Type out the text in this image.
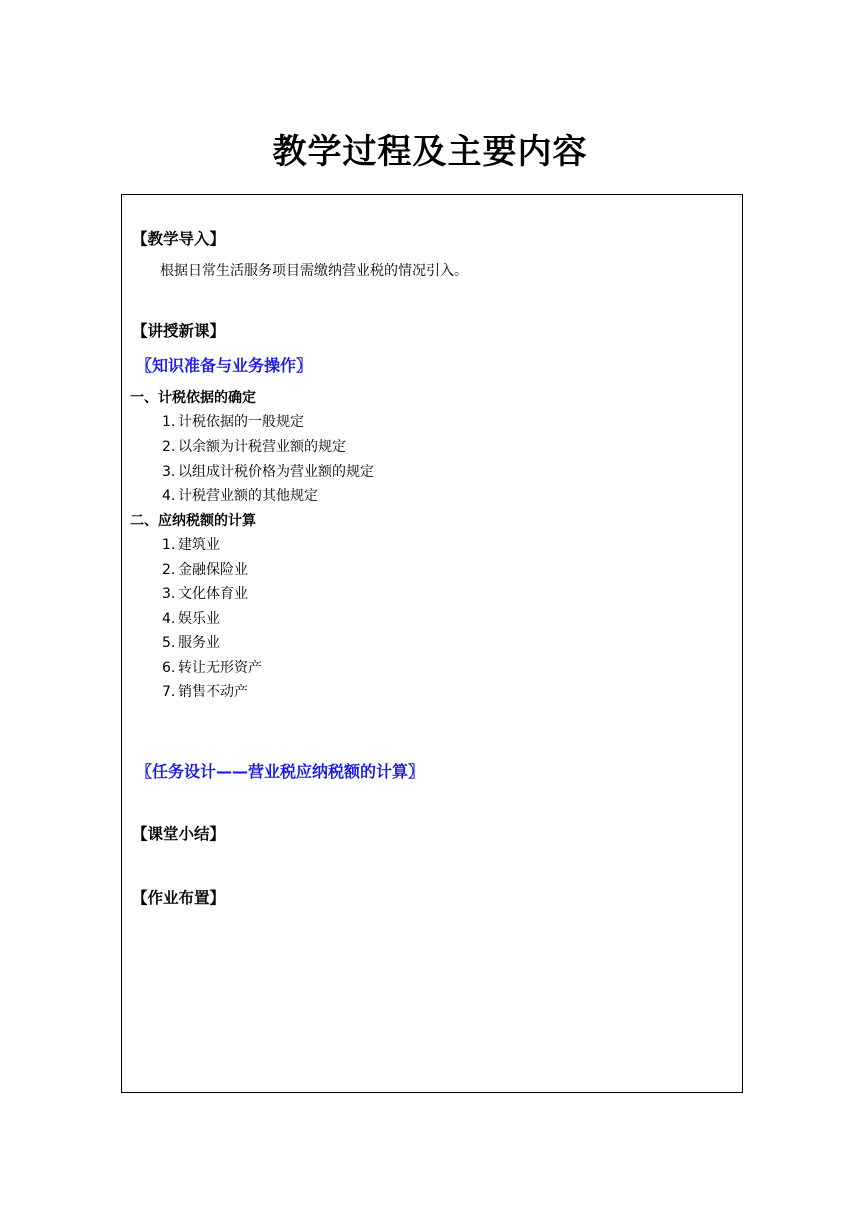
教学过程及主要内容
【教学导入】
根据日常生活服务项目需缴纳营业税的情况引入。
【讲授新课】
〖知识准备与业务操作〗
一、计税依据的确定
1. 计税依据的一般规定
2. 以余额为计税营业额的规定
3. 以组成计税价格为营业额的规定
4. 计税营业额的其他规定
二、应纳税额的计算
1. 建筑业
2. 金融保险业
3. 文化体育业
4. 娱乐业
5. 服务业
6. 转让无形资产
7. 销售不动产
〖任务设计——营业税应纳税额的计算〗
【课堂小结】
【作业布置】
